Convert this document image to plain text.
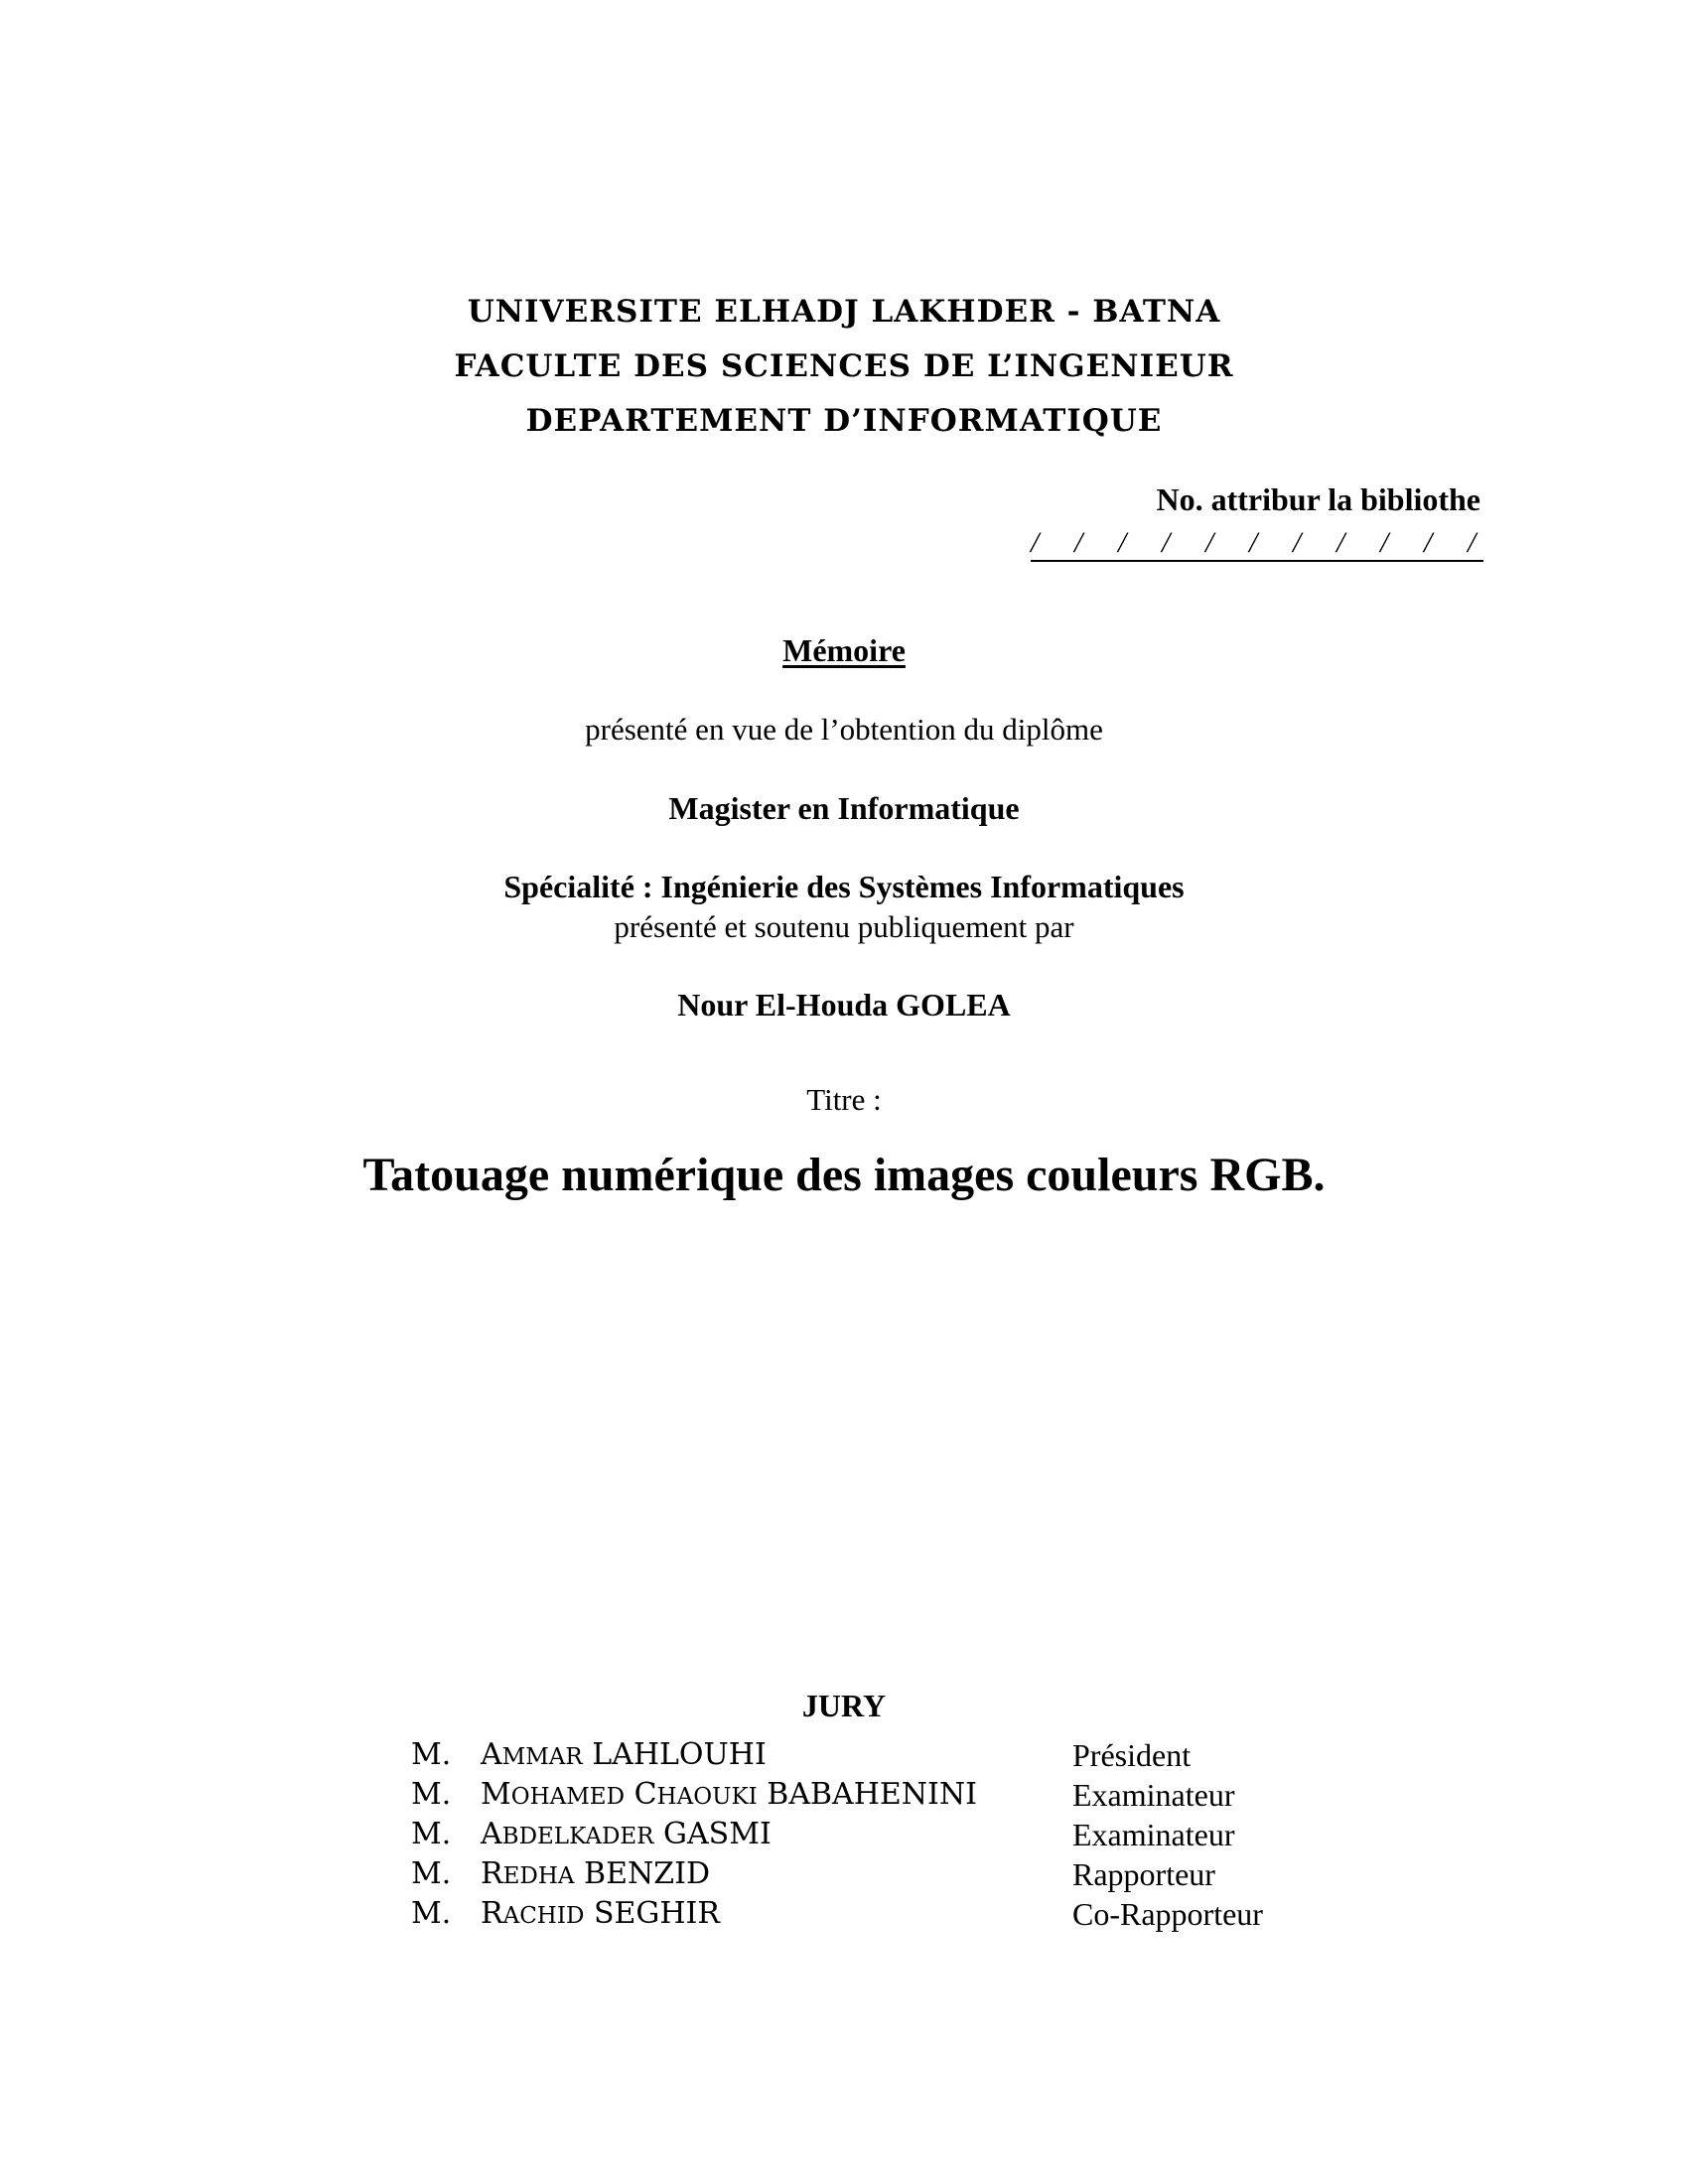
UNIVERSITE ELHADJ LAKHDER - BATNA
FACULTE DES SCIENCES DE L’INGENIEUR
DEPARTEMENT D’INFORMATIQUE
No. attribur la bibliothe
/ / / / / / / / / / /
Mémoire
présenté en vue de l’obtention du diplôme
Magister en Informatique
Spécialité : Ingénierie des Systèmes Informatiques
présenté et soutenu publiquement par
Nour El-Houda GOLEA
Titre :
Tatouage numérique des images couleurs RGB.
JURY
M. AMMAR LAHLOUHI	Président
M. MOHAMED CHAOUKI BABAHENINI	Examinateur
M. ABDELKADER GASMI	Examinateur
M. REDHA BENZID	Rapporteur
M. RACHID SEGHIR	Co-Rapporteur
